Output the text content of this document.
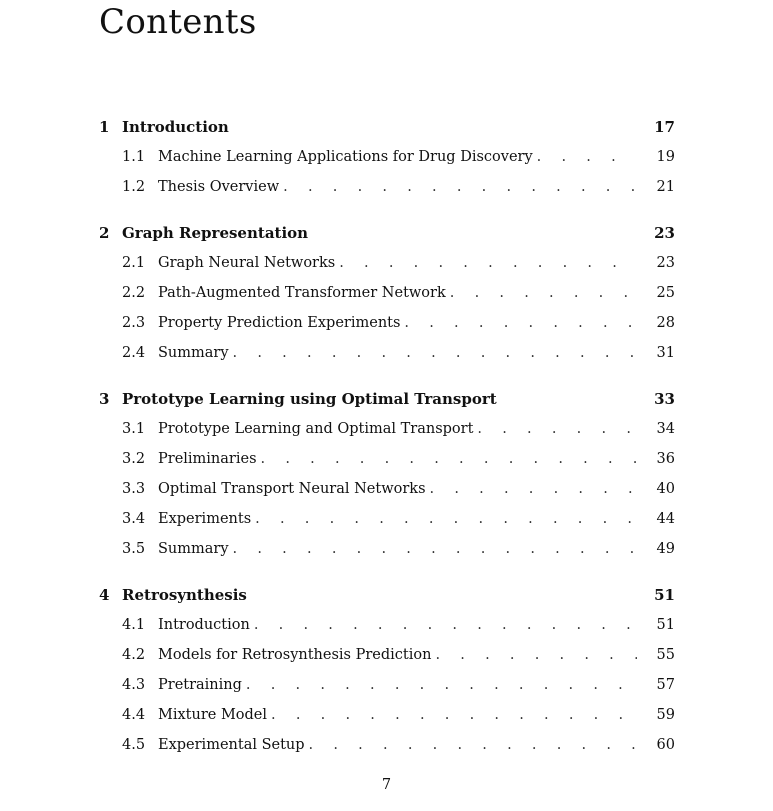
Contents
1 Introduction	17
1.1 Machine Learning Applications for Drug Discovery . . .	19
1.2 Thesis Overview . . .	21
2 Graph Representation	23
2.1 Graph Neural Networks . . .	23
2.2 Path-Augmented Transformer Network . . .	25
2.3 Property Prediction Experiments . . .	28
2.4 Summary . . .	31
3 Prototype Learning using Optimal Transport	33
3.1 Prototype Learning and Optimal Transport . . .	34
3.2 Preliminaries . . .	36
3.3 Optimal Transport Neural Networks . . .	40
3.4 Experiments . . .	44
3.5 Summary . . .	49
4 Retrosynthesis	51
4.1 Introduction . . .	51
4.2 Models for Retrosynthesis Prediction . . .	55
4.3 Pretraining . . .	57
4.4 Mixture Model . . .	59
4.5 Experimental Setup . . .	60
7
